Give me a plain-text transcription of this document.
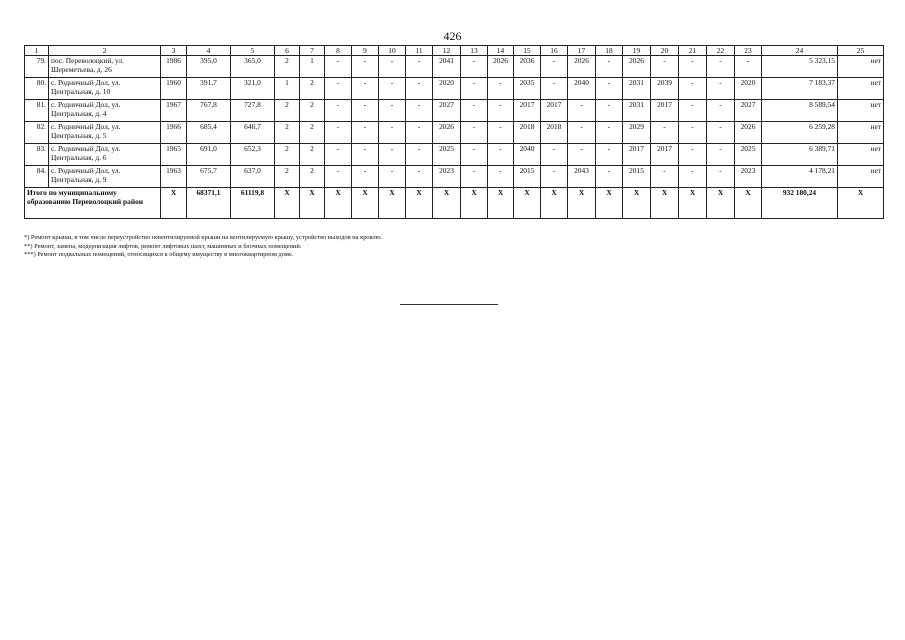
426
1	2	3	4	5	6	7	8	9	10	11	12	13	14	15	16	17	18	19	20	21	22	23	24	25
79.	пос. Переволоцкий, ул. Шереметьева, д. 26	1986	395,0	365,0	2	1	-	-	-	-	2041	-	2026	2036	-	2026	-	2026	-	-	-	-	5 323,15	нет
80.	с. Родничный Дол, ул. Центральная, д. 10	1960	391,7	321,0	1	2	-	-	-	-	2020	-	-	2035	-	2040	-	2031	2039	-	-	2020	7 183,37	нет
81.	с. Родничный Дол, ул. Центральная, д. 4	1967	767,8	727,8	2	2	-	-	-	-	2027	-	-	2017	2017	-	-	2031	2017	-	-	2027	8 589,54	нет
82.	с. Родничный Дол, ул. Центральная, д. 5	1966	685,4	646,7	2	2	-	-	-	-	2026	-	-	2018	2018	-	-	2029	-	-	-	2026	6 259,28	нет
83.	с. Родничный Дол, ул. Центральная, д. 6	1965	691,0	652,3	2	2	-	-	-	-	2025	-	-	2040	-	-	-	2017	2017	-	-	2025	6 389,71	нет
84.	с. Родничный Дол, ул. Центральная, д. 9	1963	675,7	637,0	2	2	-	-	-	-	2023	-	-	2015	-	2043	-	2015	-	-	-	2023	4 178,21	нет
Итого по муниципальному образованию Переволоцкий район		X	68371,1	61119,8	X	X	X	X	X	X	X	X	X	X	X	X	X	X	X	X	X	X	932 180,24	X
*) Ремонт крыши, в том числе переустройство невентилируемой крыши на вентилируемую крышу, устройство выходов на кровлю.
**) Ремонт, замена, модернизация лифтов, ремонт лифтовых шахт, машинных и блочных помещений.
***) Ремонт подвальных помещений, относящихся к общему имуществу в многоквартирном доме.
